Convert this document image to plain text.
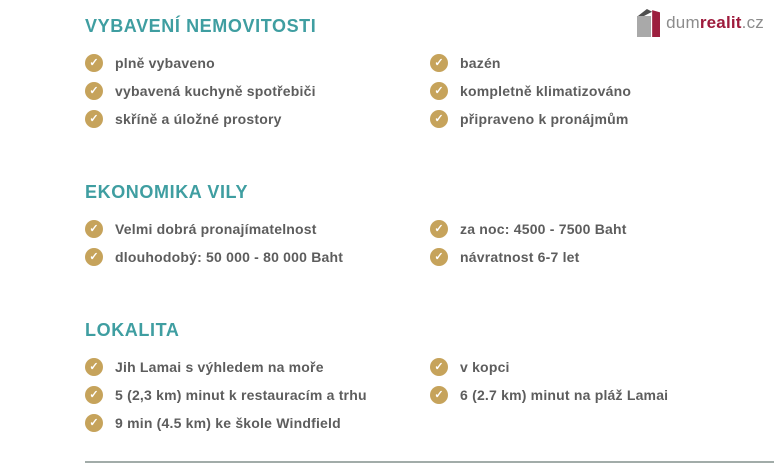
dumrealit.cz
VYBAVENÍ NEMOVITOSTI
✓	plně vybaveno
✓	vybavená kuchyně spotřebiči
✓	skříně a úložné prostory
✓	bazén
✓	kompletně klimatizováno
✓	připraveno k pronájmům
EKONOMIKA VILY
✓	Velmi dobrá pronajímatelnost
✓	dlouhodobý: 50 000 - 80 000 Baht
✓	za noc: 4500 - 7500 Baht
✓	návratnost 6-7 let
LOKALITA
✓	Jih Lamai s výhledem na moře
✓	5 (2,3 km) minut k restauracím a trhu
✓	9 min (4.5 km) ke škole Windfield
✓	v kopci
✓	6 (2.7 km) minut na pláž Lamai
